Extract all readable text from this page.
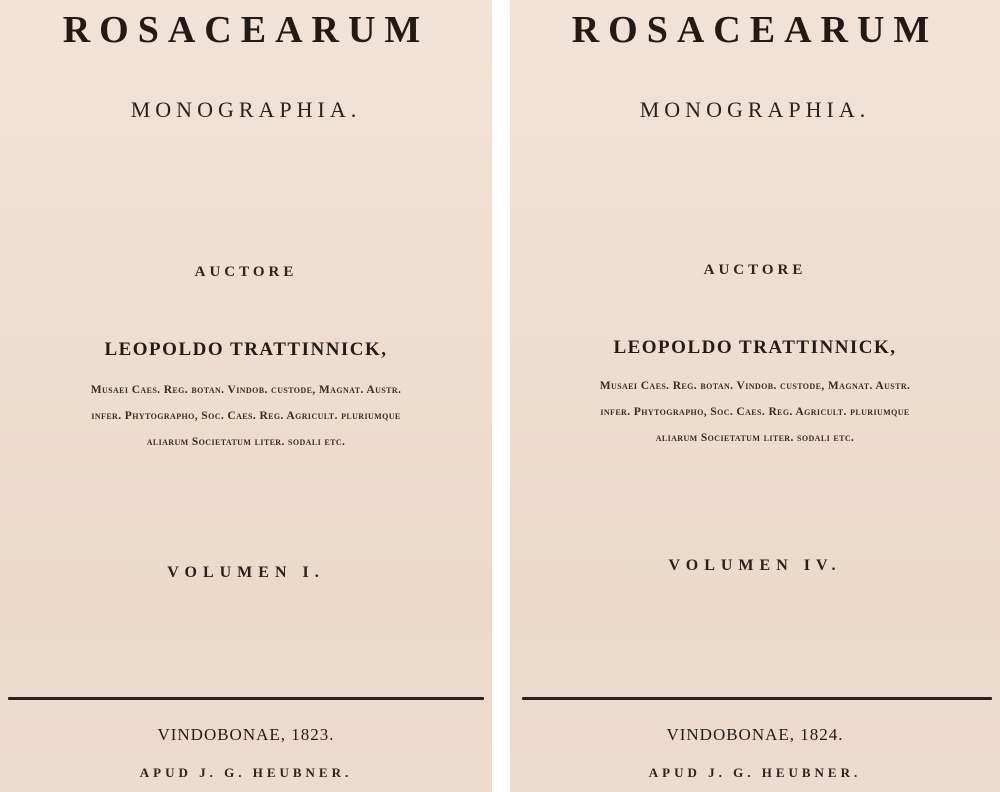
ROSACEARUM
MONOGRAPHIA.
AUCTORE
LEOPOLDO TRATTINNICK,
Musaei Caes. Reg. botan. Vindob. custode, Magnat. Austr.
infer. Phytographo, Soc. Caes. Reg. Agricult. pluriumque
aliarum Societatum liter. sodali etc.
VOLUMEN I.
VINDOBONAE, 1823.
APUD J. G. HEUBNER.
ROSACEARUM
MONOGRAPHIA.
AUCTORE
LEOPOLDO TRATTINNICK,
Musaei Caes. Reg. botan. Vindob. custode, Magnat. Austr.
infer. Phytographo, Soc. Caes. Reg. Agricult. pluriumque
aliarum Societatum liter. sodali etc.
VOLUMEN IV.
VINDOBONAE, 1824.
APUD J. G. HEUBNER.
